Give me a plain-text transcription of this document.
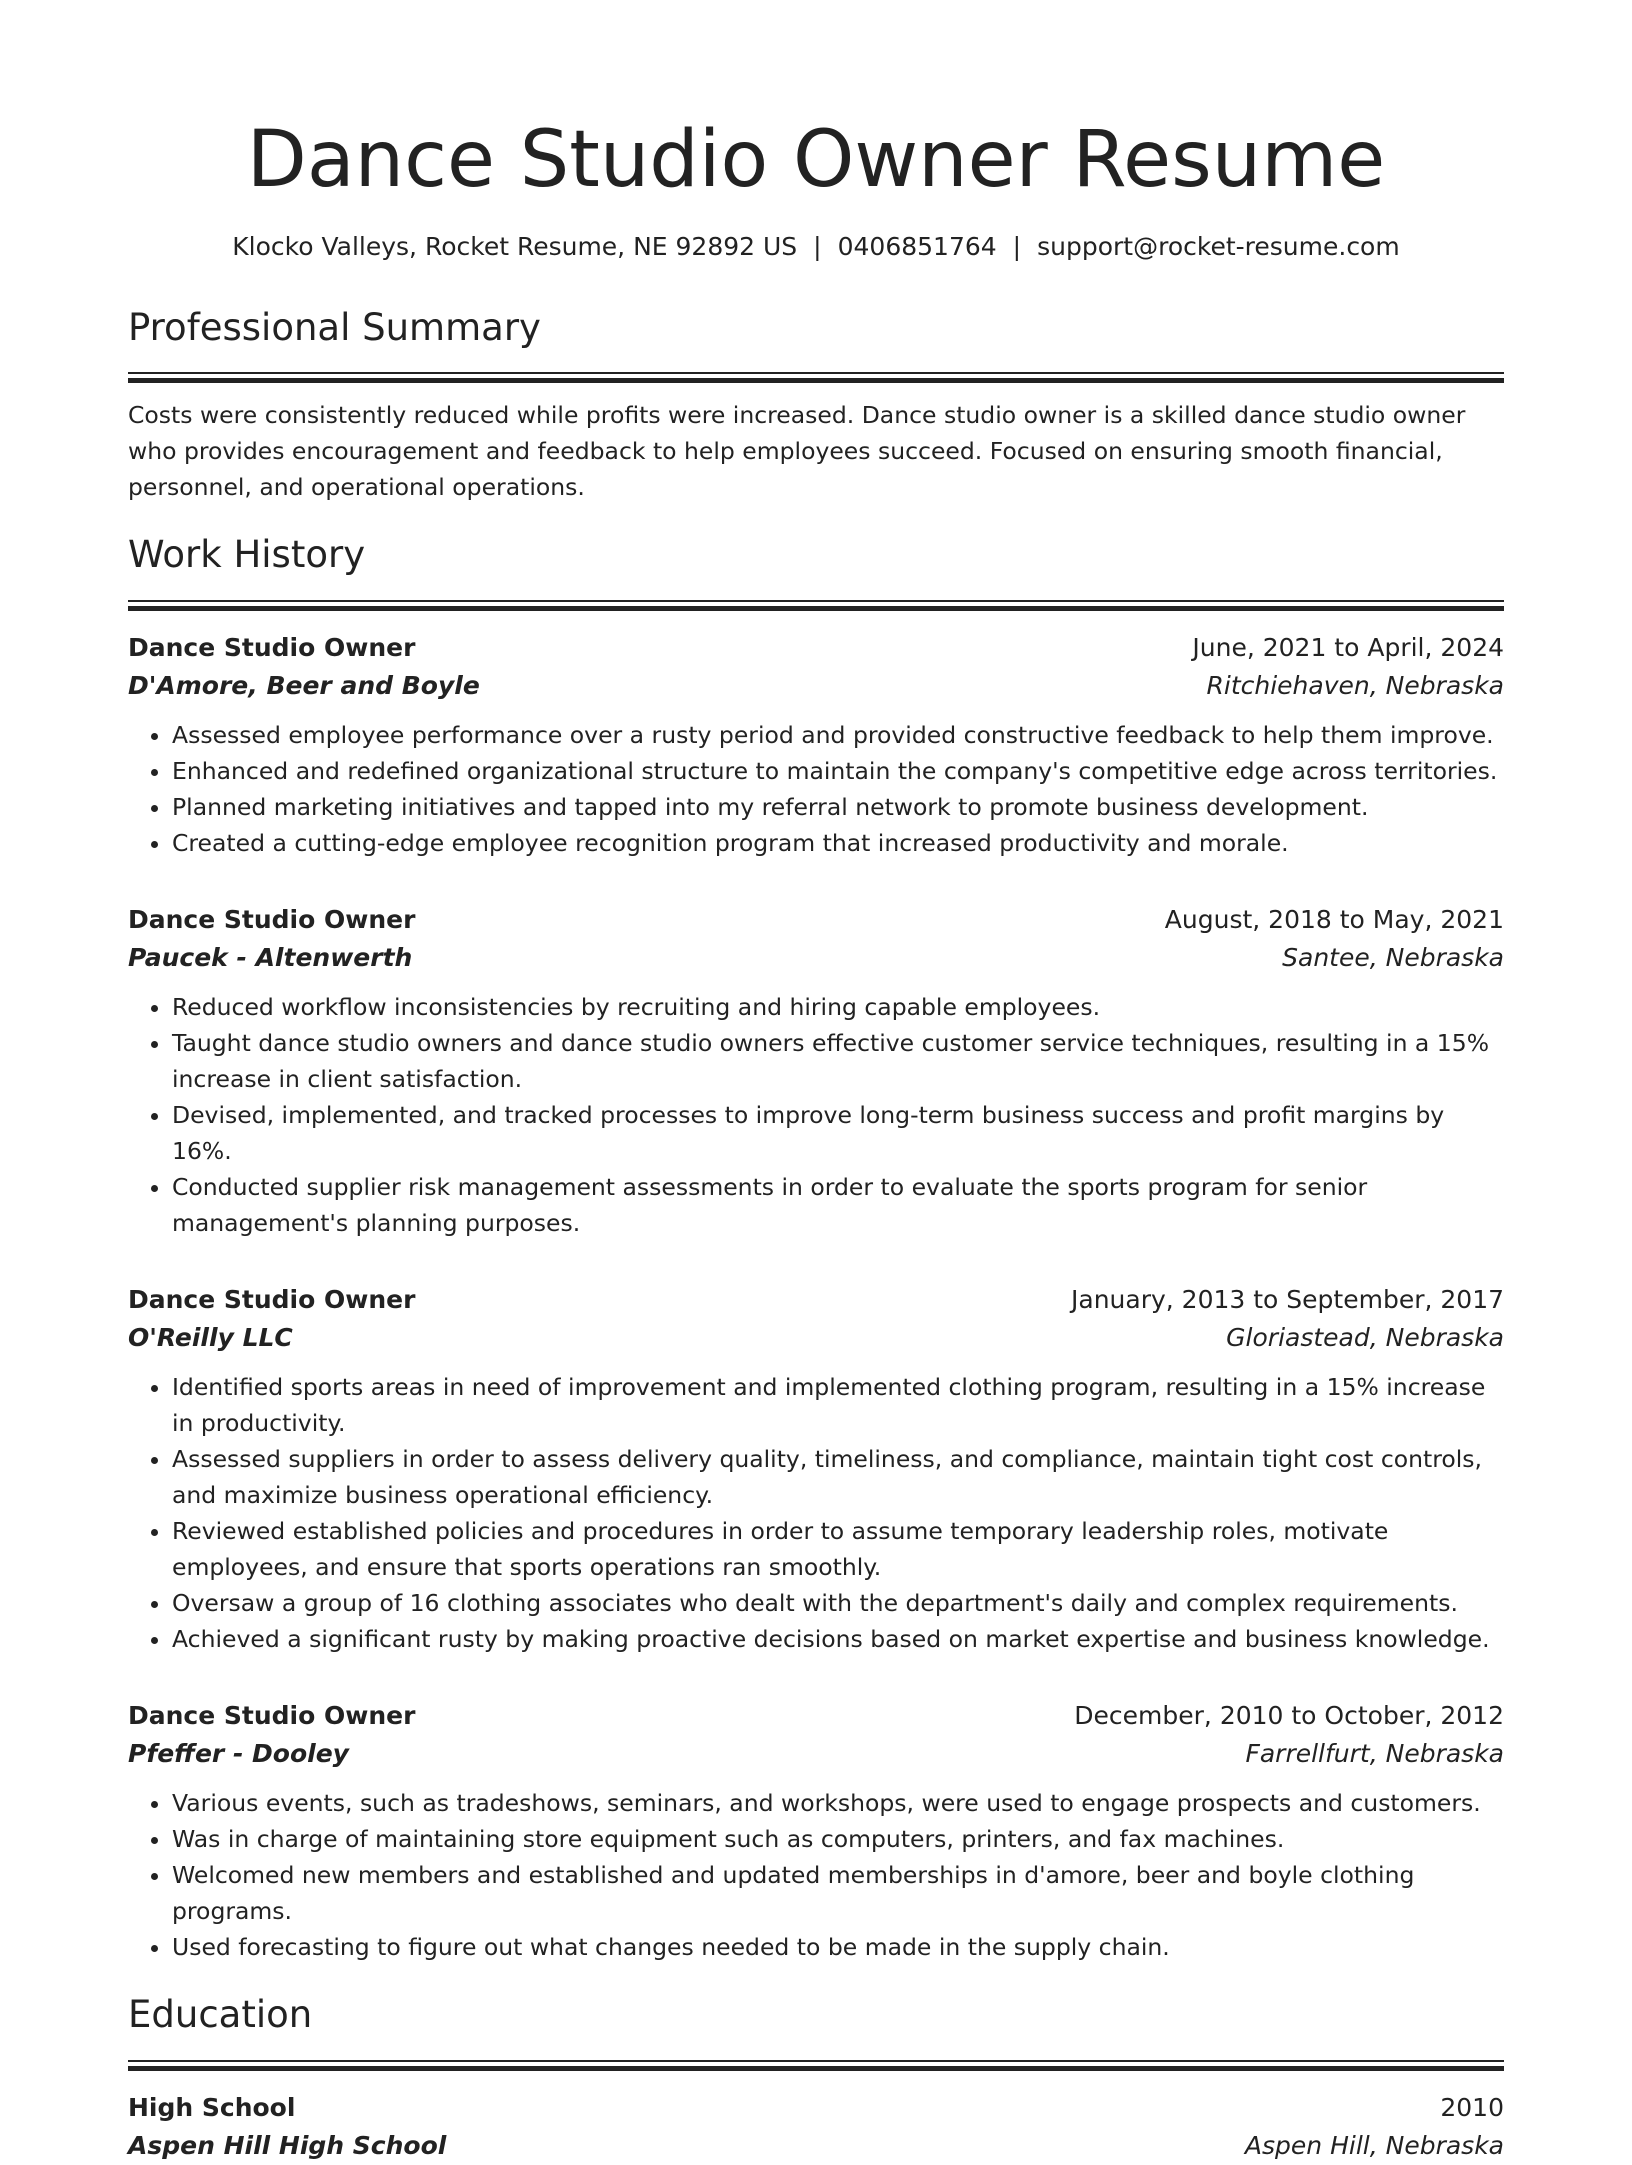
Dance Studio Owner Resume
Klocko Valleys, Rocket Resume, NE 92892 US | 0406851764 | support@rocket-resume.com
Professional Summary
Costs were consistently reduced while profits were increased. Dance studio owner is a skilled dance studio owner who provides encouragement and feedback to help employees succeed. Focused on ensuring smooth financial, personnel, and operational operations.
Work History
Dance Studio Owner	June, 2021 to April, 2024
D'Amore, Beer and Boyle	Ritchiehaven, Nebraska
• Assessed employee performance over a rusty period and provided constructive feedback to help them improve.
• Enhanced and redefined organizational structure to maintain the company's competitive edge across territories.
• Planned marketing initiatives and tapped into my referral network to promote business development.
• Created a cutting-edge employee recognition program that increased productivity and morale.
Dance Studio Owner	August, 2018 to May, 2021
Paucek - Altenwerth	Santee, Nebraska
• Reduced workflow inconsistencies by recruiting and hiring capable employees.
• Taught dance studio owners and dance studio owners effective customer service techniques, resulting in a 15% increase in client satisfaction.
• Devised, implemented, and tracked processes to improve long-term business success and profit margins by 16%.
• Conducted supplier risk management assessments in order to evaluate the sports program for senior management's planning purposes.
Dance Studio Owner	January, 2013 to September, 2017
O'Reilly LLC	Gloriastead, Nebraska
• Identified sports areas in need of improvement and implemented clothing program, resulting in a 15% increase in productivity.
• Assessed suppliers in order to assess delivery quality, timeliness, and compliance, maintain tight cost controls, and maximize business operational efficiency.
• Reviewed established policies and procedures in order to assume temporary leadership roles, motivate employees, and ensure that sports operations ran smoothly.
• Oversaw a group of 16 clothing associates who dealt with the department's daily and complex requirements.
• Achieved a significant rusty by making proactive decisions based on market expertise and business knowledge.
Dance Studio Owner	December, 2010 to October, 2012
Pfeffer - Dooley	Farrellfurt, Nebraska
• Various events, such as tradeshows, seminars, and workshops, were used to engage prospects and customers.
• Was in charge of maintaining store equipment such as computers, printers, and fax machines.
• Welcomed new members and established and updated memberships in d'amore, beer and boyle clothing programs.
• Used forecasting to figure out what changes needed to be made in the supply chain.
Education
High School	2010
Aspen Hill High School	Aspen Hill, Nebraska
